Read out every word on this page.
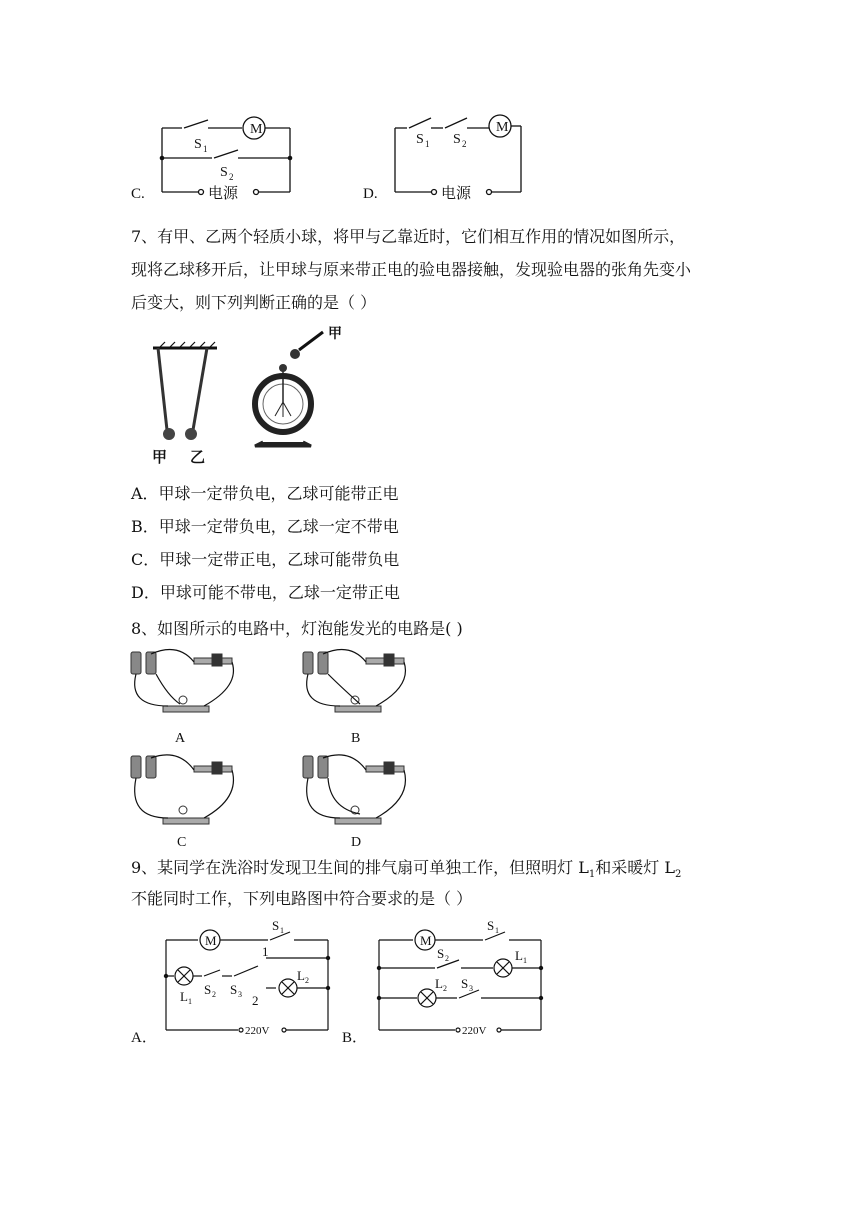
C.
M
S 1
S 2
电源	D.
M
S 1 S 2
电源
7、有甲、乙两个轻质小球，将甲与乙靠近时，它们相互作用的情况如图所示，
现将乙球移开后，让甲球与原来带正电的验电器接触，发现验电器的张角先变小
后变大，则下列判断正确的是（ ）
甲 乙
甲
A．甲球一定带负电，乙球可能带正电
B．甲球一定带负电，乙球一定不带电
C．甲球一定带正电，乙球可能带负电
D．甲球可能不带电，乙球一定带正电
8、如图所示的电路中，灯泡能发光的电路是( )
A	B
C	D
9、某同学在洗浴时发现卫生间的排气扇可单独工作，但照明灯 $L_1$和采暖灯 $L_2$
不能同时工作，下列电路图中符合要求的是（ ）
A．
M
S 1
1
S 2 S 3
L 1	2
L 2
220V	B．
M
S 1
S 2	L 1
L 2 S 3
220V
